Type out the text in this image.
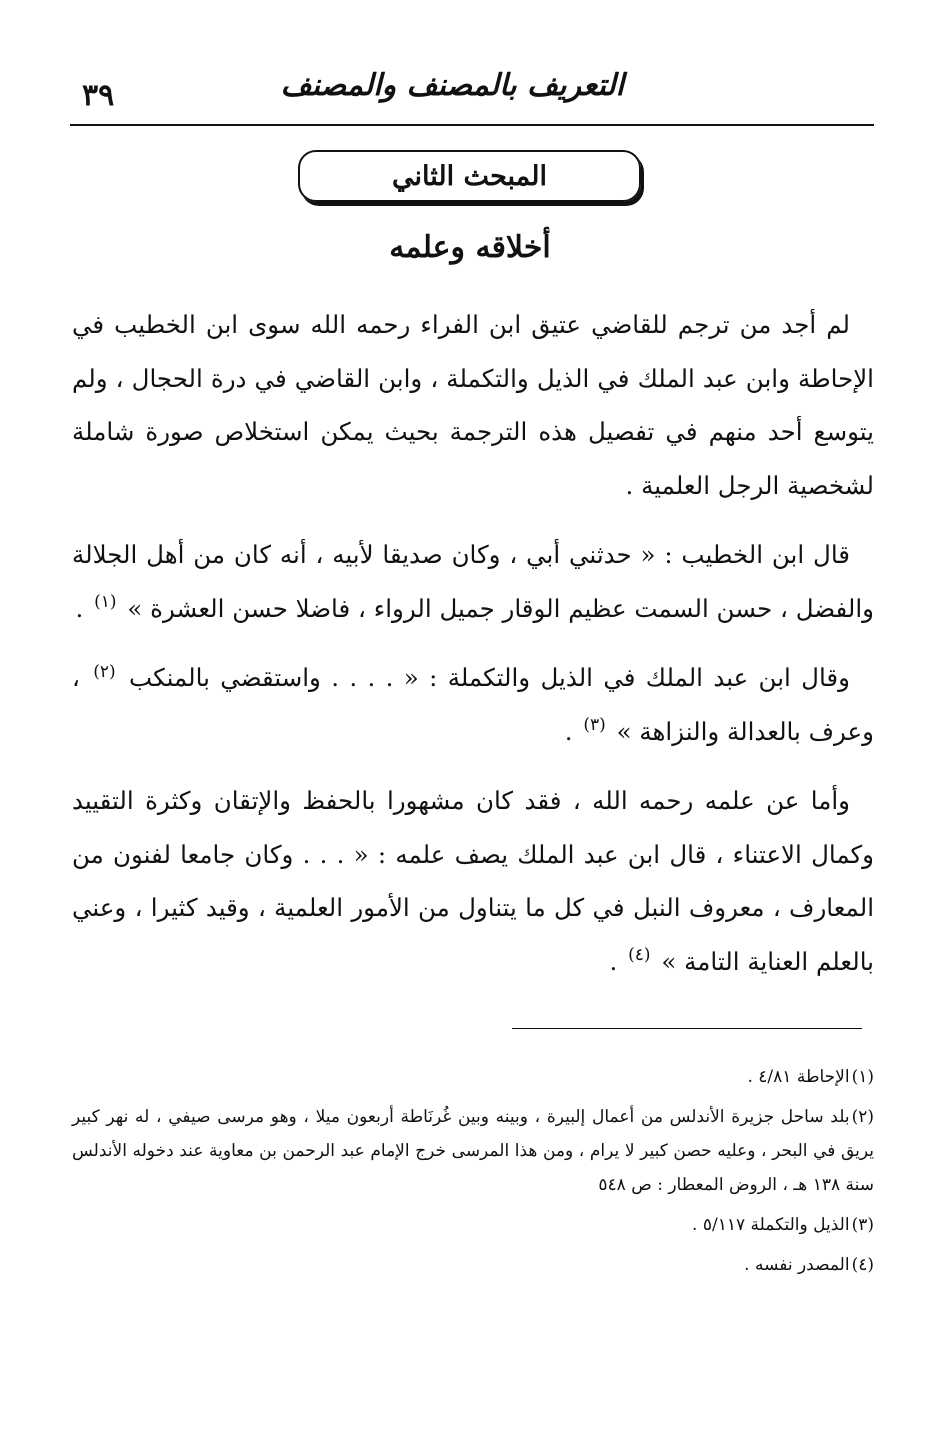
التعريف بالمصنف والمصنف
٣٩
المبحث الثاني
أخلاقه وعلمه

لم أجد من ترجم للقاضي عتيق ابن الفراء رحمه الله سوى ابن الخطيب في الإحاطة وابن عبد الملك في الذيل والتكملة ، وابن القاضي في درة الحجال ، ولم يتوسع أحد منهم في تفصيل هذه الترجمة بحيث يمكن استخلاص صورة شاملة لشخصية الرجل العلمية .

قال ابن الخطيب : « حدثني أبي ، وكان صديقا لأبيه ، أنه كان من أهل الجلالة والفضل ، حسن السمت عظيم الوقار جميل الرواء ، فاضلا حسن العشرة » $^{(١)}$ .

وقال ابن عبد الملك في الذيل والتكملة : « . . . . واستقضي بالمنكب $^{(٢)}$ ، وعرف بالعدالة والنزاهة » $^{(٣)}$ .

وأما عن علمه رحمه الله ، فقد كان مشهورا بالحفظ والإتقان وكثرة التقييد وكمال الاعتناء ، قال ابن عبد الملك يصف علمه : « . . . وكان جامعا لفنون من المعارف ، معروف النبل في كل ما يتناول من الأمور العلمية ، وقيد كثيرا ، وعني بالعلم العناية التامة » $^{(٤)}$ .

(١)الإحاطة ٤/٨١ .

(٢)بلد ساحل جزيرة الأندلس من أعمال إلبيرة ، وبينه وبين غُرنَاطة أربعون ميلا ، وهو مرسى صيفي ، له نهر كبير يريق في البحر ، وعليه حصن كبير لا يرام ، ومن هذا المرسى خرج الإمام عبد الرحمن بن معاوية عند دخوله الأندلس سنة ١٣٨ هـ ، الروض المعطار : ص ٥٤٨

(٣)الذيل والتكملة ٥/١١٧ .

(٤)المصدر نفسه .
